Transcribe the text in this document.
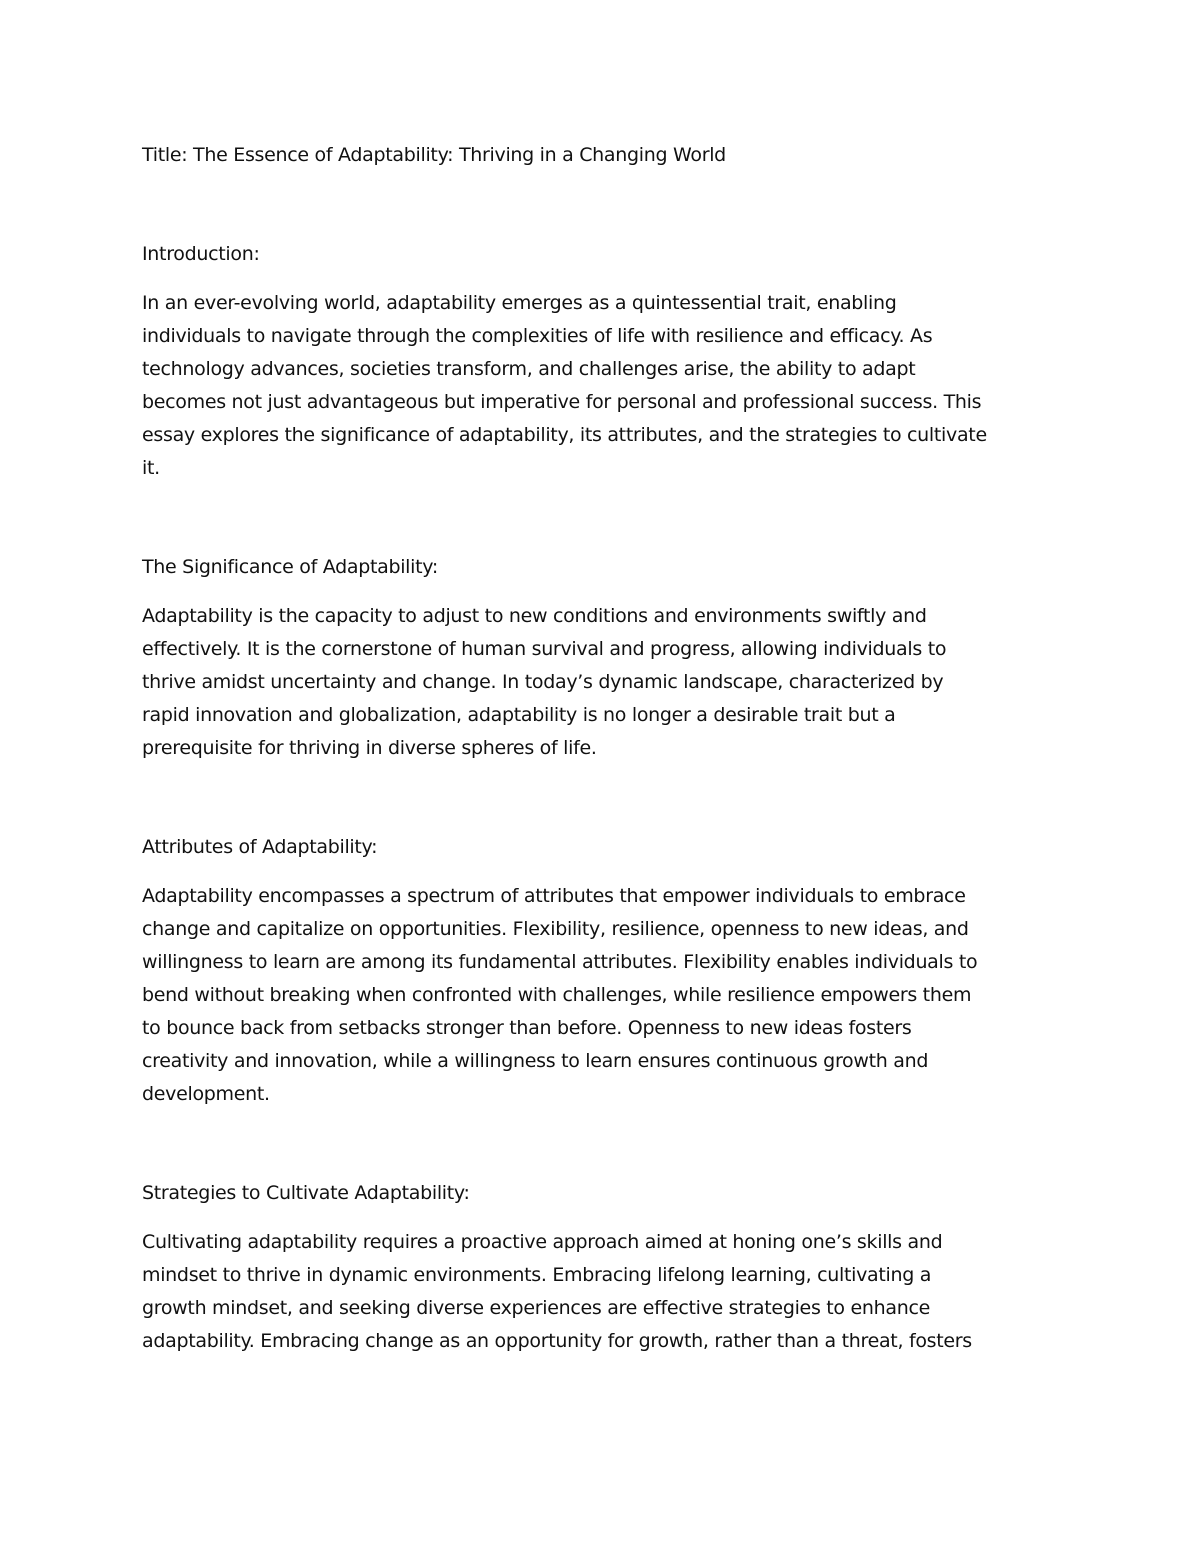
Title: The Essence of Adaptability: Thriving in a Changing World

Introduction:

In an ever-evolving world, adaptability emerges as a quintessential trait, enabling

individuals to navigate through the complexities of life with resilience and efficacy. As

technology advances, societies transform, and challenges arise, the ability to adapt

becomes not just advantageous but imperative for personal and professional success. This

essay explores the significance of adaptability, its attributes, and the strategies to cultivate

it.

The Significance of Adaptability:

Adaptability is the capacity to adjust to new conditions and environments swiftly and

effectively. It is the cornerstone of human survival and progress, allowing individuals to

thrive amidst uncertainty and change. In today’s dynamic landscape, characterized by

rapid innovation and globalization, adaptability is no longer a desirable trait but a

prerequisite for thriving in diverse spheres of life.

Attributes of Adaptability:

Adaptability encompasses a spectrum of attributes that empower individuals to embrace

change and capitalize on opportunities. Flexibility, resilience, openness to new ideas, and

willingness to learn are among its fundamental attributes. Flexibility enables individuals to

bend without breaking when confronted with challenges, while resilience empowers them

to bounce back from setbacks stronger than before. Openness to new ideas fosters

creativity and innovation, while a willingness to learn ensures continuous growth and

development.

Strategies to Cultivate Adaptability:

Cultivating adaptability requires a proactive approach aimed at honing one’s skills and

mindset to thrive in dynamic environments. Embracing lifelong learning, cultivating a

growth mindset, and seeking diverse experiences are effective strategies to enhance

adaptability. Embracing change as an opportunity for growth, rather than a threat, fosters
